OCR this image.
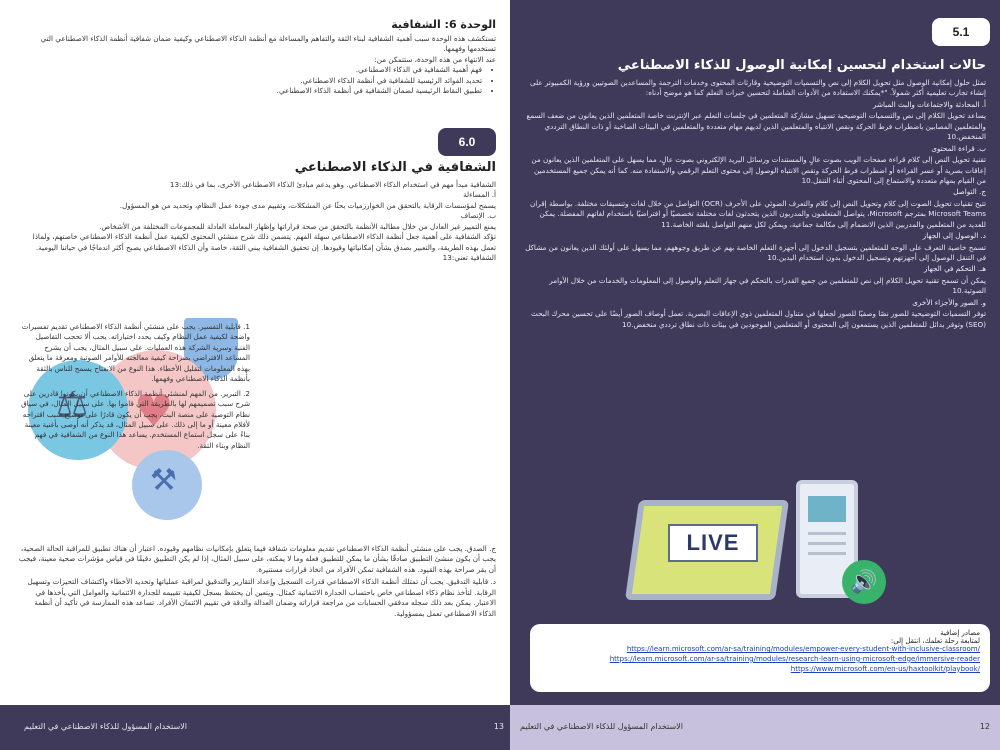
الوحدة 6: الشفافية

تستكشف هذه الوحدة سبب أهمية الشفافية لبناء الثقة والتفاهم والمساءلة مع أنظمة الذكاء الاصطناعي وكيفية ضمان شفافية أنظمة الذكاء الاصطناعي التي تستخدمها وفهمها.

عند الانتهاء من هذه الوحدة، ستتمكن من:

• فهم أهمية الشفافية في الذكاء الاصطناعي.
• تحديد الفوائد الرئيسية للشفافية في أنظمة الذكاء الاصطناعي.
• تطبيق النقاط الرئيسية لضمان الشفافية في أنظمة الذكاء الاصطناعي.
6.0
الشفافية في الذكاء الاصطناعي

الشفافية مبدأ مهم في استخدام الذكاء الاصطناعي. وهو يدعم مبادئ الذكاء الاصطناعي الأخرى، بما في ذلك:13

أ. المساءلة

يسمح لمؤسسات الرقابة بالتحقق من الخوارزميات بحثًا عن المشكلات، وتقييم مدى جودة عمل النظام، وتحديد من هو المسؤول.

ب. الإنصاف

يمنع التمييز غير العادل من خلال مطالبة الأنظمة بالتحقق من صحة قراراتها وإظهار المعاملة العادلة للمجموعات المختلفة من الأشخاص.

تؤكد الشفافية على أهمية جعل أنظمة الذكاء الاصطناعي سهلة الفهم. يتضمن ذلك شرح منشئي المحتوى لكيفية عمل أنظمة الذكاء الاصطناعي خاصتهم، ولماذا تعمل بهذه الطريقة، والتعبير بصدق بشأن إمكانياتها وقيودها. إن تحقيق الشفافية يبني الثقة، خاصة وأن الذكاء الاصطناعي يصبح أكثر اندماجًا في حياتنا اليومية.

الشفافية تعني:13

♥
⚖
⚒

1. قابلية التفسير. يجب على منشئي أنظمة الذكاء الاصطناعي تقديم تفسيرات واضحة لكيفية عمل النظام وكيف يحدد اختياراته. يجب ألا تحجب التفاصيل الفنية وسرية الشركة هذه العمليات. على سبيل المثال، يجب أن يشرح المساعد الافتراضي بصراحة كيفية معالجته للأوامر الصوتية ومعرفة ما يتعلق بهذه المعلومات لتقليل الأخطاء. هذا النوع من الانفتاح يسمح للناس بالثقة بأنظمة الذكاء الاصطناعي وفهمها.

2. التبرير. من المهم لمنشئي أنظمة الذكاء الاصطناعي أن يكونوا قادرين على شرح سبب تصميمهم لها بالطريقة التي قاموا بها. على سبيل المثال، في سياق نظام التوصية على منصة البث، يجب أن يكون قادرًا على توضيح سبب اقتراحه لأفلام معينة أو ما إلى ذلك. على سبيل المثال، قد يذكر أنه أوصى بأغنية معينة بناءً على سجل استماع المستخدم. يساعد هذا النوع من الشفافية في فهم النظام وبناء الثقة.

ج. الصدق. يجب على منشئي أنظمة الذكاء الاصطناعي تقديم معلومات شفافة فيما يتعلق بإمكانيات نظامهم وقيوده. اعتبار أن هناك تطبيق للمراقبة الحالة الصحية، يجب أن يكون منشئ التطبيق صادقًا بشأن ما يمكن للتطبيق فعله وما لا يمكنه، على سبيل المثال، إذا لم يكن التطبيق دقيقًا في قياس مؤشرات صحية معينة، فيجب أن يقر صراحة بهذه القيود. هذه الشفافية تمكن الأفراد من اتخاذ قرارات مستنيرة.

د. قابلية التدقيق. يجب أن تمتلك أنظمة الذكاء الاصطناعي قدرات التسجيل وإعداد التقارير والتدقيق لمراقبة عملياتها وتحديد الأخطاء واكتشاف التحيزات وتسهيل الرقابة. لتأخذ نظام ذكاء اصطناعي خاص باحتساب الجدارة الائتمانية كمثال. ويتعين أن يحتفظ بسجل لكيفية تقييمه للجدارة الائتمانية والعوامل التي يأخذها في الاعتبار. يمكن بعد ذلك سجله مدققي الحسابات من مراجعة قراراته وضمان العدالة والدقة في تقييم الائتمان الأفراد. تساعد هذه الممارسة في تأكيد أن أنظمة الذكاء الاصطناعي تعمل بمسؤولية.

5.1
حالات استخدام لتحسين إمكانية الوصول للذكاء الاصطناعي

تمثل حلول إمكانية الوصول مثل تحويل الكلام إلى نص والتسميات التوضيحية وقارئات المحتوى وخدمات الترجمة والمساعدين الصوتيين ورؤية الكمبيوتر على إنشاء تجارب تعليمية أكثر شمولاً. "*يمكنك الاستفادة من الأدوات الشاملة لتحسين خبرات التعلم كما هو موضح أدناه:

أ. المحادثة والاجتماعات والبث المباشر

يساعد تحويل الكلام إلى نص والتسميات التوضيحية تسهيل مشاركة المتعلمين في جلسات التعلم عبر الإنترنت خاصة المتعلمين الذين يعانون من ضعف السمع والمتعلمين المصابين باضطراب فرط الحركة ونقص الانتباه والمتعلمين الذين لديهم مهام متعددة والمتعلمين في البيئات الصاخبة أو ذات النطاق الترددي المنخفض.10

ب. قراءة المحتوى

تقنية تحويل النص إلى كلام قراءة صفحات الويب بصوت عالٍ والمستندات ورسائل البريد الإلكتروني بصوت عالٍ، مما يسهل على المتعلمين الذين يعانون من إعاقات بصرية أو عسر القراءة أو اضطراب فرط الحركة ونقص الانتباه الوصول إلى محتوى التعلم الرقمي والاستفادة منه. كما أنه يمكن جميع المستخدمين من القيام بمهام متعددة والاستماع إلى المحتوى أثناء التنقل.10

ج. التواصل

تتيح تقنيات تحويل الصوت إلى كلام وتحويل النص إلى كلام والتعرف الضوئي على الأحرف (OCR) التواصل من خلال لغات وتنسيقات مختلفة. بواسطة إقران Microsoft Teams بمترجم Microsoft، يتواصل المتعلمون والمدربون الذين يتحدثون لغات مختلفة تخصصيًا أو افتراضيًا باستخدام لغاتهم المفضلة. يمكن للعديد من المتعلمين والمدربين الذين الانضمام إلى مكالمة جماعية، ويمكن لكل منهم التواصل بلغته الخاصة.11

د. الوصول إلى الجهاز

تسمح خاصية التعرف على الوجه للمتعلمين بتسجيل الدخول إلى أجهزة التعلم الخاصة بهم عن طريق وجوههم، مما يسهل على أولئك الذين يعانون من مشاكل في التنقل الوصول إلى أجهزتهم وتسجيل الدخول بدون استخدام اليدين.10

هـ. التحكم في الجهاز

يمكن أن تسمح تقنية تحويل الكلام إلى نص للمتعلمين من جميع القدرات بالتحكم في جهاز التعلم والوصول إلى المعلومات والخدمات من خلال الأوامر الصوتية.10

و. الصور والأجزاء الأخرى

توفر التسميات التوضيحية للصور نصًا وصفيًا للصور لجعلها في متناول المتعلمين ذوي الإعاقات البصرية. تعمل أوصاف الصور أيضًا على تحسين محرك البحث (SEO) وتوفر بدائل للمتعلمين الذين يستمعون إلى المحتوى أو المتعلمين الموجودين في بيئات ذات نطاق ترددي منخفض.10

LIVE
🔊
مصادر إضافية
لمتابعة رحلة تعلمك، انتقل إلى:
https://learn.microsoft.com/ar-sa/training/modules/empower-every-student-with-inclusive-classroom/
https://learn.microsoft.com/ar-sa/training/modules/research-learn-using-microsoft-edge/immersive-reader
https://www.microsoft.com/en-us/haxtoolkit/playbook/
الاستخدام المسؤول للذكاء الاصطناعي في التعليم	13 الاستخدام المسؤول للذكاء الاصطناعي في التعليم	12
